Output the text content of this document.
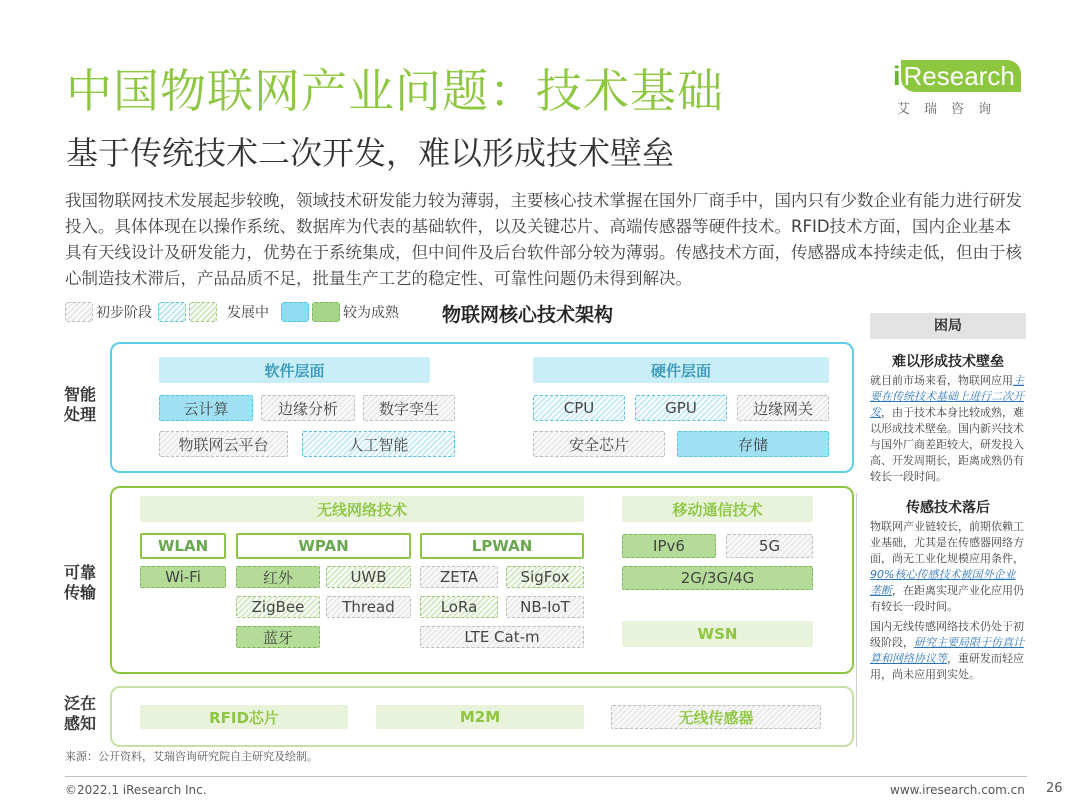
中国物联网产业问题：技术基础
基于传统技术二次开发，难以形成技术壁垒
i Research
艾瑞咨询
我国物联网技术发展起步较晚，领域技术研发能力较为薄弱，主要核心技术掌握在国外厂商手中，国内只有少数企业有能力进行研发投入。具体体现在以操作系统、数据库为代表的基础软件，以及关键芯片、高端传感器等硬件技术。RFID技术方面，国内企业基本具有天线设计及研发能力，优势在于系统集成，但中间件及后台软件部分较为薄弱。传感技术方面，传感器成本持续走低，但由于核心制造技术滞后，产品品质不足，批量生产工艺的稳定性、可靠性问题仍未得到解决。
初步阶段	发展中	较为成熟 物联网核心技术架构
智能处理
软件层面
云计算	边缘分析	数字孪生
物联网云平台	人工智能
硬件层面
CPU	GPU	边缘网关
安全芯片	存储
可靠传输
无线网络技术
WLAN
Wi-Fi
WPAN
红外	UWB
ZigBee	Thread
蓝牙
LPWAN
ZETA	SigFox
LoRa	NB-IoT
LTE Cat-m
移动通信技术
IPv6	5G
2G/3G/4G
WSN
泛在感知	RFID芯片	M2M	无线传感器
困局
难以形成技术壁垒
就目前市场来看，物联网应用主要在传统技术基础上进行二次开发，由于技术本身比较成熟，难以形成技术壁垒。国内新兴技术与国外厂商差距较大，研发投入高、开发周期长，距离成熟仍有较长一段时间。
传感技术落后
物联网产业链较长，前期依赖工业基础，尤其是在传感器网络方面，尚无工业化规模应用条件，90%核心传感技术被国外企业垄断，在距离实现产业化应用仍有较长一段时间。
国内无线传感网络技术仍处于初级阶段，研究主要局限于仿真计算和网络协议等，重研发而轻应用，尚未应用到实处。
来源：公开资料，艾瑞咨询研究院自主研究及绘制。
©2022.1 iResearch Inc.	www.iresearch.com.cn 26
